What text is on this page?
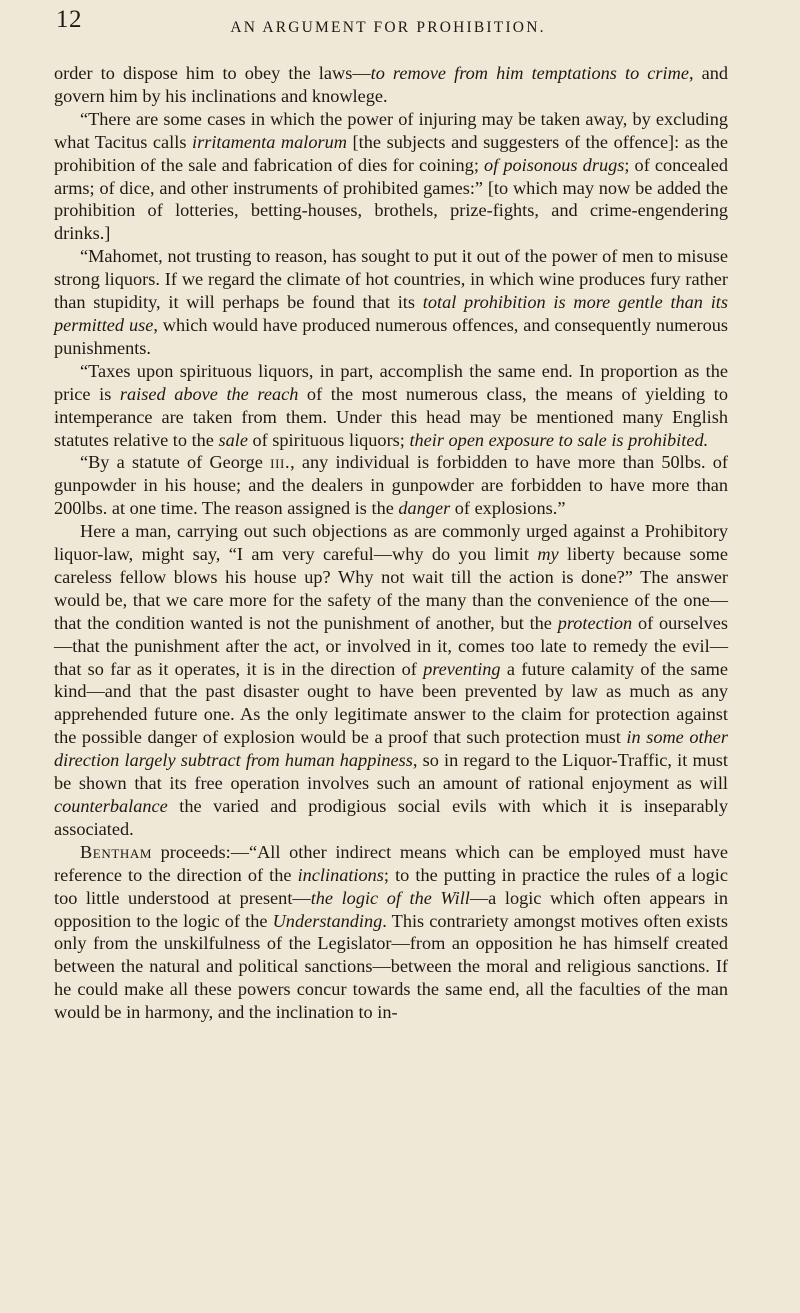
12	AN ARGUMENT FOR PROHIBITION.

order to dispose him to obey the laws—to remove from him temptations to crime, and govern him by his inclinations and knowlege.

“There are some cases in which the power of injuring may be taken away, by excluding what Tacitus calls irritamenta malorum [the subjects and suggesters of the offence]: as the prohibition of the sale and fabrication of dies for coining; of poisonous drugs; of concealed arms; of dice, and other instruments of prohibited games:” [to which may now be added the prohibition of lotteries, betting-houses, brothels, prize-fights, and crime-engendering drinks.]

“Mahomet, not trusting to reason, has sought to put it out of the power of men to misuse strong liquors. If we regard the climate of hot countries, in which wine produces fury rather than stupidity, it will perhaps be found that its total prohibition is more gentle than its permitted use, which would have produced numerous offences, and consequently numerous punishments.

“Taxes upon spirituous liquors, in part, accomplish the same end. In proportion as the price is raised above the reach of the most numerous class, the means of yielding to intemperance are taken from them. Under this head may be mentioned many English statutes relative to the sale of spirituous liquors; their open exposure to sale is prohibited.

“By a statute of George iii., any individual is forbidden to have more than 50lbs. of gunpowder in his house; and the dealers in gunpowder are forbidden to have more than 200lbs. at one time. The reason assigned is the danger of explosions.”

Here a man, carrying out such objections as are commonly urged against a Prohibitory liquor-law, might say, “I am very careful—why do you limit my liberty because some careless fellow blows his house up? Why not wait till the action is done?” The answer would be, that we care more for the safety of the many than the convenience of the one—that the condition wanted is not the punishment of another, but the protection of ourselves—that the punishment after the act, or involved in it, comes too late to remedy the evil—that so far as it operates, it is in the direction of preventing a future calamity of the same kind—and that the past disaster ought to have been prevented by law as much as any apprehended future one. As the only legitimate answer to the claim for protection against the possible danger of explosion would be a proof that such protection must in some other direction largely subtract from human happiness, so in regard to the Liquor-Traffic, it must be shown that its free operation involves such an amount of rational enjoyment as will counterbalance the varied and prodigious social evils with which it is inseparably associated.

Bentham proceeds:—“All other indirect means which can be employed must have reference to the direction of the inclinations; to the putting in practice the rules of a logic too little understood at present—the logic of the Will—a logic which often appears in opposition to the logic of the Understanding. This contrariety amongst motives often exists only from the unskilfulness of the Legislator—from an opposition he has himself created between the natural and political sanctions—between the moral and religious sanctions. If he could make all these powers concur towards the same end, all the faculties of the man would be in harmony, and the inclination to in-
